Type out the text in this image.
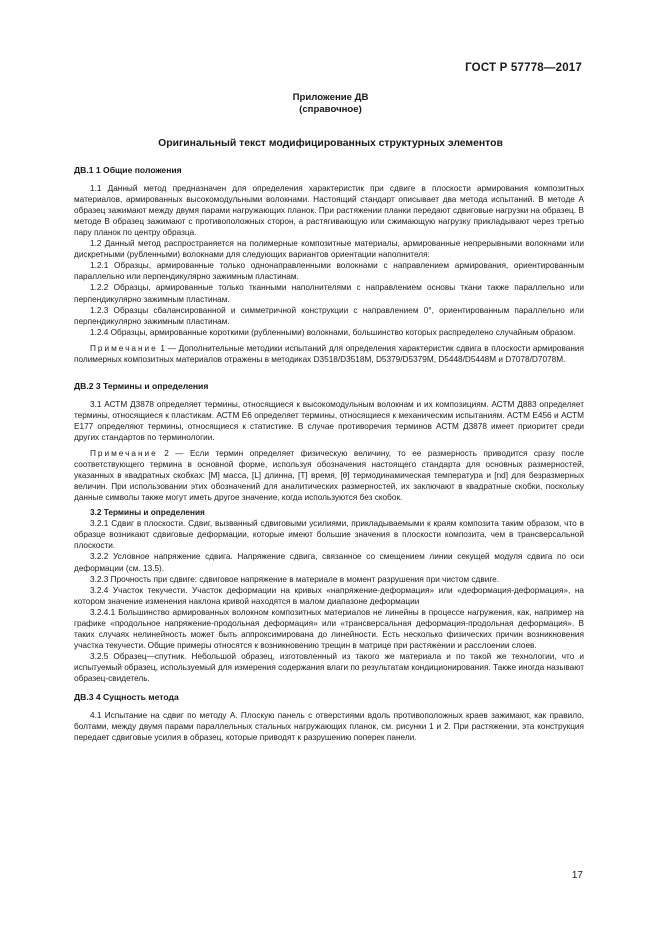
ГОСТ Р 57778—2017
Приложение ДВ
(справочное)
Оригинальный текст модифицированных структурных элементов

ДВ.1 1 Общие положения

1.1 Данный метод предназначен для определения характеристик при сдвиге в плоскости армирования композитных материалов, армированных высокомодульными волокнами. Настоящий стандарт описывает два метода испытаний. В методе А образец зажимают между двумя парами нагружающих планок. При растяжении планки передают сдвиговые нагрузки на образец. В методе В образец зажимают с противоположных сторон, а растягивающую или сжимающую нагрузку прикладывают через третью пару планок по центру образца.

1.2 Данный метод распространяется на полимерные композитные материалы, армированные непрерывными волокнами или дискретными (рубленными) волокнами для следующих вариантов ориентации наполнителя:

1.2.1 Образцы, армированные только однонаправленными волокнами с направлением армирования, ориентированным параллельно или перпендикулярно зажимным пластинам.

1.2.2 Образцы, армированные только тканными наполнителями с направлением основы ткани также параллельно или перпендикулярно зажимным пластинам.

1.2.3 Образцы сбалансированной и симметричной конструкции с направлением 0°, ориентированным параллельно или перпендикулярно зажимным пластинам.

1.2.4 Образцы, армированные короткими (рубленными) волокнами, большинство которых распределено случайным образом.

Примечание 1 — Дополнительные методики испытаний для определения характеристик сдвига в плоскости армирования полимерных композитных материалов отражены в методиках D3518/D3518M, D5379/D5379M, D5448/D5448M и D7078/D7078M.

ДВ.2 3 Термины и определения

3.1 АСТМ Д3878 определяет термины, относящиеся к высокомодульным волокнам и их композициям. АСТМ Д883 определяет термины, относящиеся к пластикам. АСТМ Е6 определяет термины, относящиеся к механическим испытаниям. АСТМ Е456 и АСТМ Е177 определяют термины, относящиеся к статистике. В случае противоречия терминов АСТМ Д3878 имеет приоритет среди других стандартов по терминологии.

Примечание 2 — Если термин определяет физическую величину, то ее размерность приводится сразу после соответствующего термина в основной форме, используя обозначения настоящего стандарта для основных размерностей, указанных в квадратных скобках: [M] масса, [L] длинна, [T] время, [θ] термодинамическая температура и [nd] для безразмерных величин. При использовании этих обозначений для аналитических размерностей, их заключают в квадратные скобки, поскольку данные символы также могут иметь другое значение, когда используются без скобок.

3.2 Термины и определения

3.2.1 Сдвиг в плоскости. Сдвиг, вызванный сдвиговыми усилиями, прикладываемыми к краям композита таким образом, что в образце возникают сдвиговые деформации, которые имеют большие значения в плоскости композита, чем в трансверсальной плоскости.

3.2.2 Условное напряжение сдвига. Напряжение сдвига, связанное со смещением линии секущей модуля сдвига по оси деформации (см. 13.5).

3.2.3 Прочность при сдвиге: сдвиговое напряжение в материале в момент разрушения при чистом сдвиге.

3.2.4 Участок текучести. Участок деформации на кривых «напряжение-деформация» или «деформация-деформация», на котором значение изменения наклона кривой находятся в малом диапазоне деформации

3.2.4.1 Большинство армированных волокном композитных материалов не линейны в процессе нагружения, как, например на графике «продольное напряжение-продольная деформация» или «трансверсальная деформация-продольная деформация». В таких случаях нелинейность может быть аппроксимирована до линейности. Есть несколько физических причин возникновения участка текучести. Общие примеры относятся к возникновению трещин в матрице при растяжении и расслоении слоев.

3.2.5 Образец—спутник. Небольшой образец, изготовленный из такого же материала и по такой же технологии, что и испытуемый образец, используемый для измерения содержания влаги по результатам кондиционирования. Также иногда называют образец-свидетель.

ДВ.3 4 Сущность метода

4.1 Испытание на сдвиг по методу А. Плоскую панель с отверстиями вдоль противоположных краев зажимают, как правило, болтами, между двумя парами параллельных стальных нагружающих планок, см. рисунки 1 и 2. При растяжении, эта конструкция передает сдвиговые усилия в образец, которые приводят к разрушению поперек панели.

17
